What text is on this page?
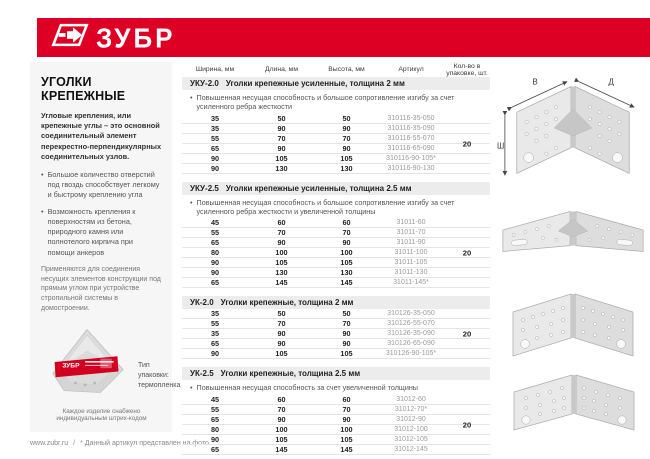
ЗУБР
УГОЛКИ КРЕПЕЖНЫЕ

Угловые крепления, или крепежные углы – это основной соединительный элемент перекрестно-перпендикулярных соединительных узлов.

• Большое количество отверстий под гвоздь способствует легкому и быстрому креплению угла
• Возможность крепления к поверхностям из бетона, природного камня или полнотелого кирпича при помощи анкеров

Применяются для соединения несущих элементов конструкции под прямым углом при устройстве стропильной системы в домостроении.

ЗУБР	Тип упаковки:
термопленка
Каждое изделие снабжено индивидуальным штрих-кодом
www.zubr.ru / * Данный артикул представлен на фото
Ширина, мм	Длина, мм	Высота, мм	Артикул	Кол-во в упаковке, шт.
УКУ-2.0 Уголки крепежные усиленные, толщина 2 мм
• Повышенная несущая способность и большое сопротивление изгибу за счет усиленного ребра жесткости
35	50	50	310116-35-050
35	90	90	310116-35-090
55	70	70	310116-55-070
65	90	90	310116-65-090
90	105	105	310116-90-105*
90	130	130	310116-90-130
20
УКУ-2.5 Уголки крепежные усиленные, толщина 2.5 мм
• Повышенная несущая способность и большое сопротивление изгибу за счет усиленного ребра жесткости и увеличенной толщины
45	60	60	31011-60
55	70	70	31011-70
65	90	90	31011-90
80	100	100	31011-100
90	105	105	31011-105
90	130	130	31011-130
65	145	145	31011-145*
20
УК-2.0 Уголки крепежные, толщина 2 мм
35	50	50	310126-35-050
55	70	70	310126-55-070
35	90	90	310126-35-090
65	90	90	310126-65-090
90	105	105	310126-90-105*
20
УК-2.5 Уголки крепежные, толщина 2.5 мм
• Повышенная несущая способность за счет увеличенной толщины
45	60	60	31012-60
55	70	70	31012-70*
65	90	90	31012-90
80	100	100	31012-100
90	105	105	31012-105
65	145	145	31012-145
20
В	Д
Ш
